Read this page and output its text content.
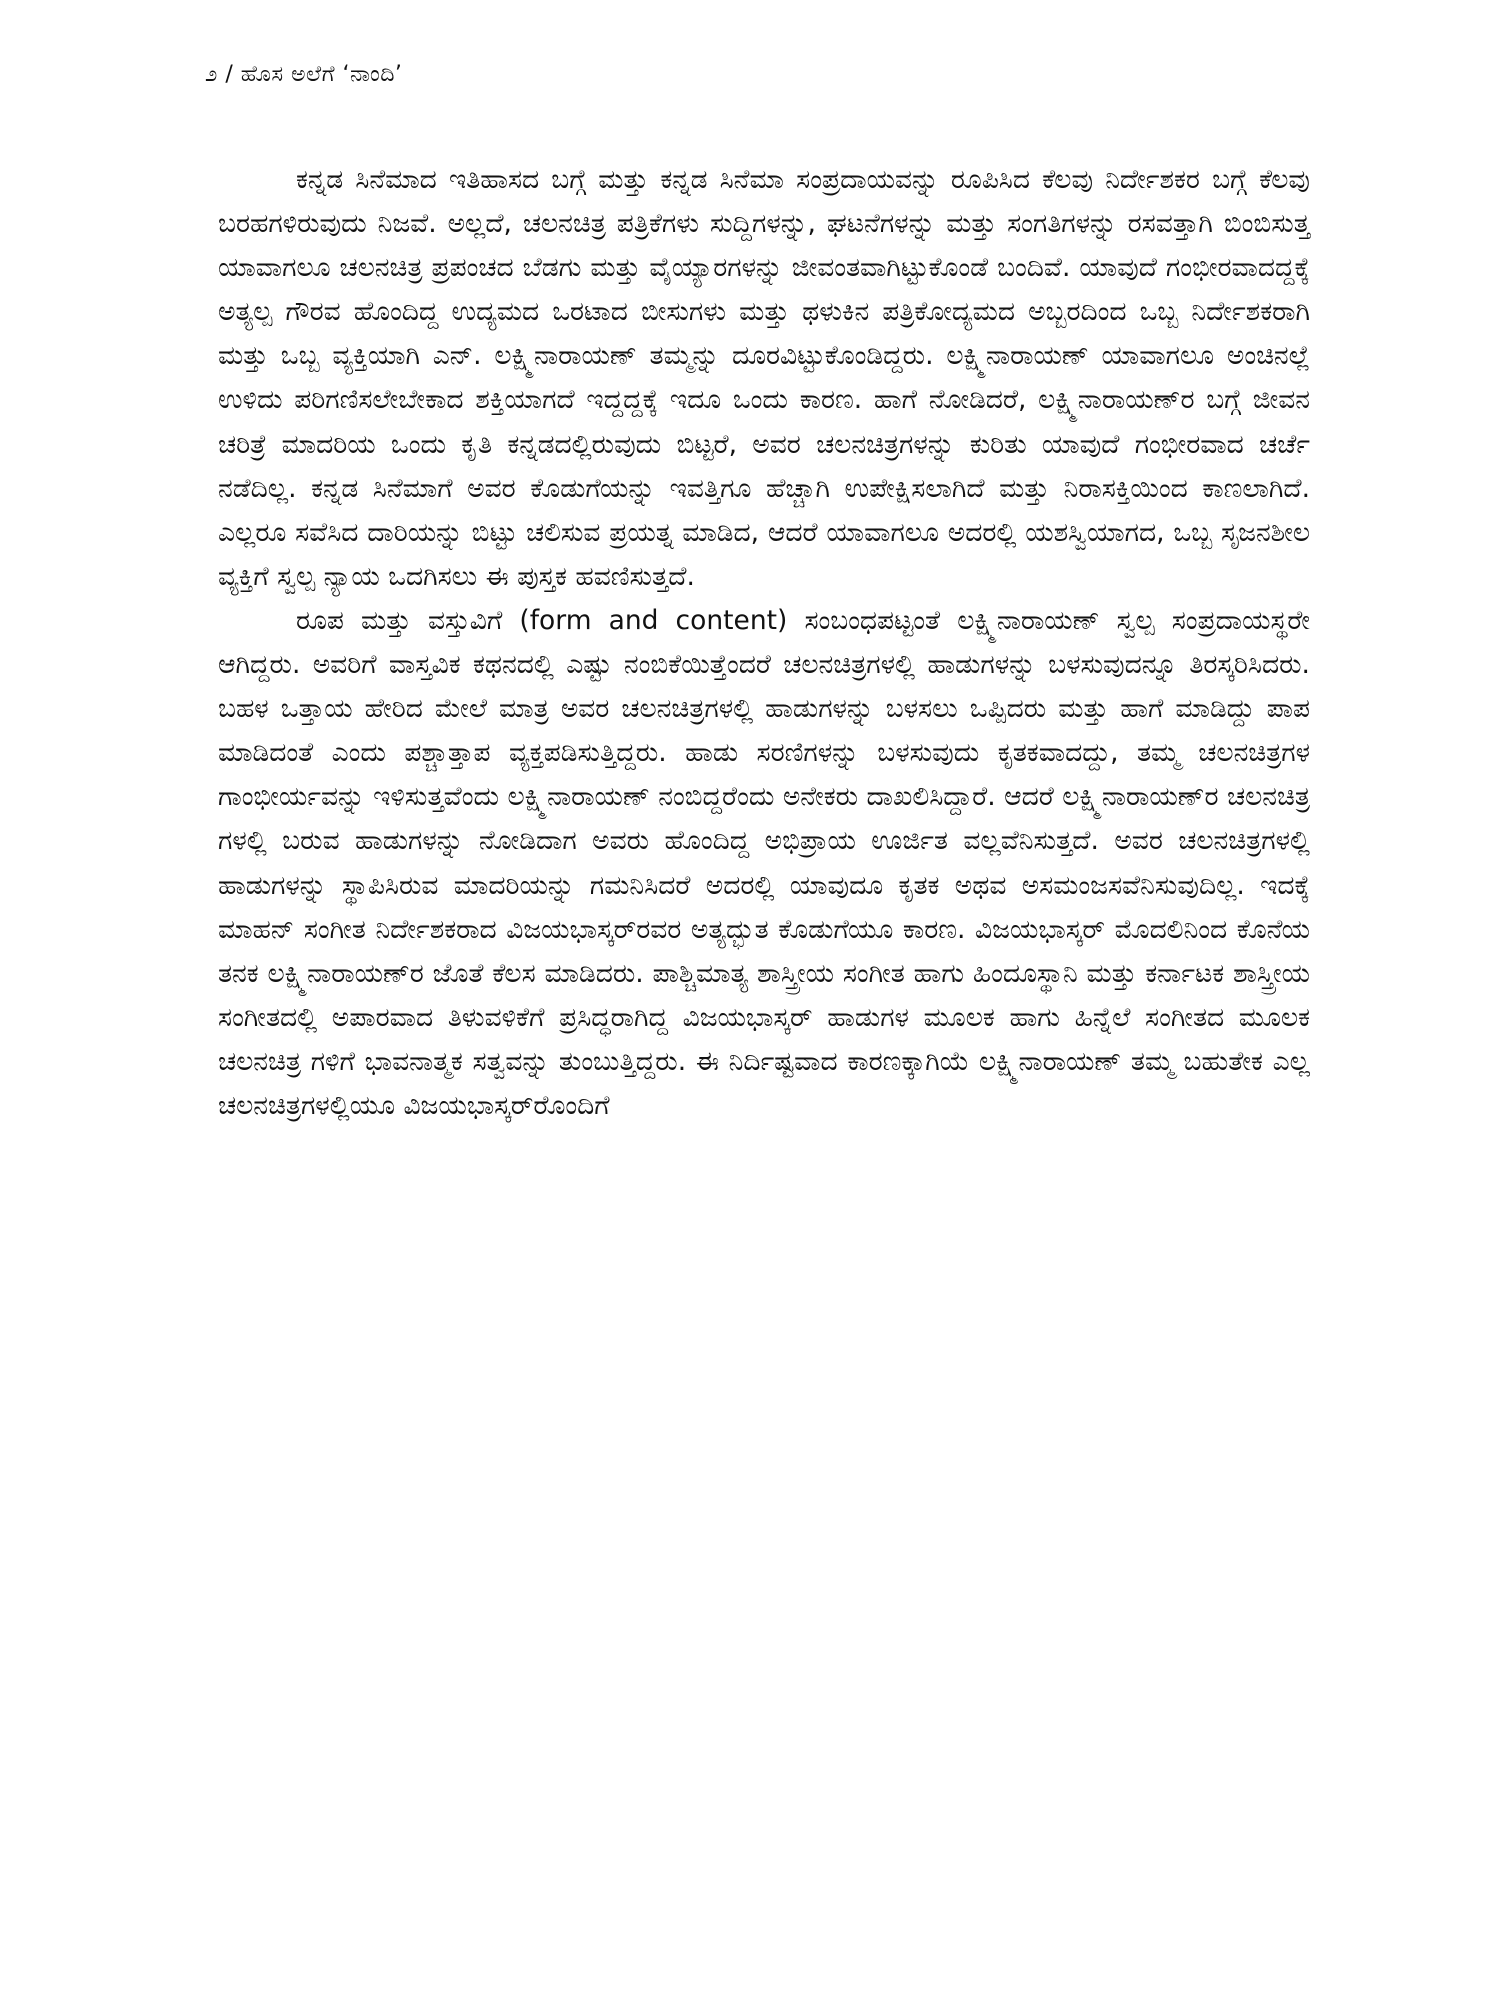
೨ / ಹೊಸ ಅಲೆಗೆ ‘ನಾಂದಿ’

ಕನ್ನಡ ಸಿನೆಮಾದ ಇತಿಹಾಸದ ಬಗ್ಗೆ ಮತ್ತು ಕನ್ನಡ ಸಿನೆಮಾ ಸಂಪ್ರದಾಯವನ್ನು ರೂಪಿಸಿದ ಕೆಲವು ನಿರ್ದೇಶಕರ ಬಗ್ಗೆ ಕೆಲವು ಬರಹಗಳಿರುವುದು ನಿಜವೆ. ಅಲ್ಲದೆ, ಚಲನಚಿತ್ರ ಪತ್ರಿಕೆಗಳು ಸುದ್ದಿಗಳನ್ನು, ಘಟನೆಗಳನ್ನು ಮತ್ತು ಸಂಗತಿಗಳನ್ನು ರಸವತ್ತಾಗಿ ಬಿಂಬಿಸುತ್ತ ಯಾವಾಗಲೂ ಚಲನಚಿತ್ರ ಪ್ರಪಂಚದ ಬೆಡಗು ಮತ್ತು ವೈಯ್ಯಾರಗಳನ್ನು ಜೀವಂತವಾಗಿಟ್ಟುಕೊಂಡೆ ಬಂದಿವೆ. ಯಾವುದೆ ಗಂಭೀರವಾದದ್ದಕ್ಕೆ ಅತ್ಯಲ್ಪ ಗೌರವ ಹೊಂದಿದ್ದ ಉದ್ಯಮದ ಒರಟಾದ ಬೀಸುಗಳು ಮತ್ತು ಥಳುಕಿನ ಪತ್ರಿಕೋದ್ಯಮದ ಅಬ್ಬರದಿಂದ ಒಬ್ಬ ನಿರ್ದೇಶಕರಾಗಿ ಮತ್ತು ಒಬ್ಬ ವ್ಯಕ್ತಿಯಾಗಿ ಎನ್. ಲಕ್ಷ್ಮಿನಾರಾಯಣ್ ತಮ್ಮನ್ನು ದೂರವಿಟ್ಟುಕೊಂಡಿದ್ದರು. ಲಕ್ಷ್ಮಿನಾರಾಯಣ್ ಯಾವಾಗಲೂ ಅಂಚಿನಲ್ಲೆ ಉಳಿದು ಪರಿಗಣಿಸಲೇಬೇಕಾದ ಶಕ್ತಿಯಾಗದೆ ಇದ್ದದ್ದಕ್ಕೆ ಇದೂ ಒಂದು ಕಾರಣ. ಹಾಗೆ ನೋಡಿದರೆ, ಲಕ್ಷ್ಮಿನಾರಾಯಣ್‌ರ ಬಗ್ಗೆ ಜೀವನ ಚರಿತ್ರೆ ಮಾದರಿಯ ಒಂದು ಕೃತಿ ಕನ್ನಡದಲ್ಲಿರುವುದು ಬಿಟ್ಟರೆ, ಅವರ ಚಲನಚಿತ್ರಗಳನ್ನು ಕುರಿತು ಯಾವುದೆ ಗಂಭೀರವಾದ ಚರ್ಚೆ ನಡೆದಿಲ್ಲ. ಕನ್ನಡ ಸಿನೆಮಾಗೆ ಅವರ ಕೊಡುಗೆಯನ್ನು ಇವತ್ತಿಗೂ ಹೆಚ್ಚಾಗಿ ಉಪೇಕ್ಷಿಸಲಾಗಿದೆ ಮತ್ತು ನಿರಾಸಕ್ತಿಯಿಂದ ಕಾಣಲಾಗಿದೆ. ಎಲ್ಲರೂ ಸವೆಸಿದ ದಾರಿಯನ್ನು ಬಿಟ್ಟು ಚಲಿಸುವ ಪ್ರಯತ್ನ ಮಾಡಿದ, ಆದರೆ ಯಾವಾಗಲೂ ಅದರಲ್ಲಿ ಯಶಸ್ವಿಯಾಗದ, ಒಬ್ಬ ಸೃಜನಶೀಲ ವ್ಯಕ್ತಿಗೆ ಸ್ವಲ್ಪ ನ್ಯಾಯ ಒದಗಿಸಲು ಈ ಪುಸ್ತಕ ಹವಣಿಸುತ್ತದೆ.

ರೂಪ ಮತ್ತು ವಸ್ತುವಿಗೆ (form and content) ಸಂಬಂಧಪಟ್ಟಂತೆ ಲಕ್ಷ್ಮಿನಾರಾಯಣ್ ಸ್ವಲ್ಪ ಸಂಪ್ರದಾಯಸ್ಥರೇ ಆಗಿದ್ದರು. ಅವರಿಗೆ ವಾಸ್ತವಿಕ ಕಥನದಲ್ಲಿ ಎಷ್ಟು ನಂಬಿಕೆಯಿತ್ತೆಂದರೆ ಚಲನಚಿತ್ರಗಳಲ್ಲಿ ಹಾಡುಗಳನ್ನು ಬಳಸುವುದನ್ನೂ ತಿರಸ್ಕರಿಸಿದರು. ಬಹಳ ಒತ್ತಾಯ ಹೇರಿದ ಮೇಲೆ ಮಾತ್ರ ಅವರ ಚಲನಚಿತ್ರಗಳಲ್ಲಿ ಹಾಡುಗಳನ್ನು ಬಳಸಲು ಒಪ್ಪಿದರು ಮತ್ತು ಹಾಗೆ ಮಾಡಿದ್ದು ಪಾಪ ಮಾಡಿದಂತೆ ಎಂದು ಪಶ್ಚಾತ್ತಾಪ ವ್ಯಕ್ತಪಡಿಸುತ್ತಿದ್ದರು. ಹಾಡು ಸರಣಿಗಳನ್ನು ಬಳಸುವುದು ಕೃತಕವಾದದ್ದು, ತಮ್ಮ ಚಲನಚಿತ್ರಗಳ ಗಾಂಭೀರ್ಯವನ್ನು ಇಳಿಸುತ್ತವೆಂದು ಲಕ್ಷ್ಮಿನಾರಾಯಣ್ ನಂಬಿದ್ದರೆಂದು ಅನೇಕರು ದಾಖಲಿಸಿದ್ದಾರೆ. ಆದರೆ ಲಕ್ಷ್ಮಿನಾರಾಯಣ್‌ರ ಚಲನಚಿತ್ರ ಗಳಲ್ಲಿ ಬರುವ ಹಾಡುಗಳನ್ನು ನೋಡಿದಾಗ ಅವರು ಹೊಂದಿದ್ದ ಅಭಿಪ್ರಾಯ ಊರ್ಜಿತ ವಲ್ಲವೆನಿಸುತ್ತದೆ. ಅವರ ಚಲನಚಿತ್ರಗಳಲ್ಲಿ ಹಾಡುಗಳನ್ನು ಸ್ಥಾಪಿಸಿರುವ ಮಾದರಿಯನ್ನು ಗಮನಿಸಿದರೆ ಅದರಲ್ಲಿ ಯಾವುದೂ ಕೃತಕ ಅಥವ ಅಸಮಂಜಸವೆನಿಸುವುದಿಲ್ಲ. ಇದಕ್ಕೆ ಮಾಹನ್ ಸಂಗೀತ ನಿರ್ದೇಶಕರಾದ ವಿಜಯಭಾಸ್ಕರ್‌ರವರ ಅತ್ಯದ್ಭುತ ಕೊಡುಗೆಯೂ ಕಾರಣ. ವಿಜಯಭಾಸ್ಕರ್ ಮೊದಲಿನಿಂದ ಕೊನೆಯ ತನಕ ಲಕ್ಷ್ಮಿನಾರಾಯಣ್‌ರ ಜೊತೆ ಕೆಲಸ ಮಾಡಿದರು. ಪಾಶ್ಚಿಮಾತ್ಯ ಶಾಸ್ತ್ರೀಯ ಸಂಗೀತ ಹಾಗು ಹಿಂದೂಸ್ಥಾನಿ ಮತ್ತು ಕರ್ನಾಟಕ ಶಾಸ್ತ್ರೀಯ ಸಂಗೀತದಲ್ಲಿ ಅಪಾರವಾದ ತಿಳುವಳಿಕೆಗೆ ಪ್ರಸಿದ್ಧರಾಗಿದ್ದ ವಿಜಯಭಾಸ್ಕರ್ ಹಾಡುಗಳ ಮೂಲಕ ಹಾಗು ಹಿನ್ನೆಲೆ ಸಂಗೀತದ ಮೂಲಕ ಚಲನಚಿತ್ರ ಗಳಿಗೆ ಭಾವನಾತ್ಮಕ ಸತ್ವವನ್ನು ತುಂಬುತ್ತಿದ್ದರು. ಈ ನಿರ್ದಿಷ್ಟವಾದ ಕಾರಣಕ್ಕಾಗಿಯೆ ಲಕ್ಷ್ಮಿನಾರಾಯಣ್ ತಮ್ಮ ಬಹುತೇಕ ಎಲ್ಲ ಚಲನಚಿತ್ರಗಳಲ್ಲಿಯೂ ವಿಜಯಭಾಸ್ಕರ್‌ರೊಂದಿಗೆ
